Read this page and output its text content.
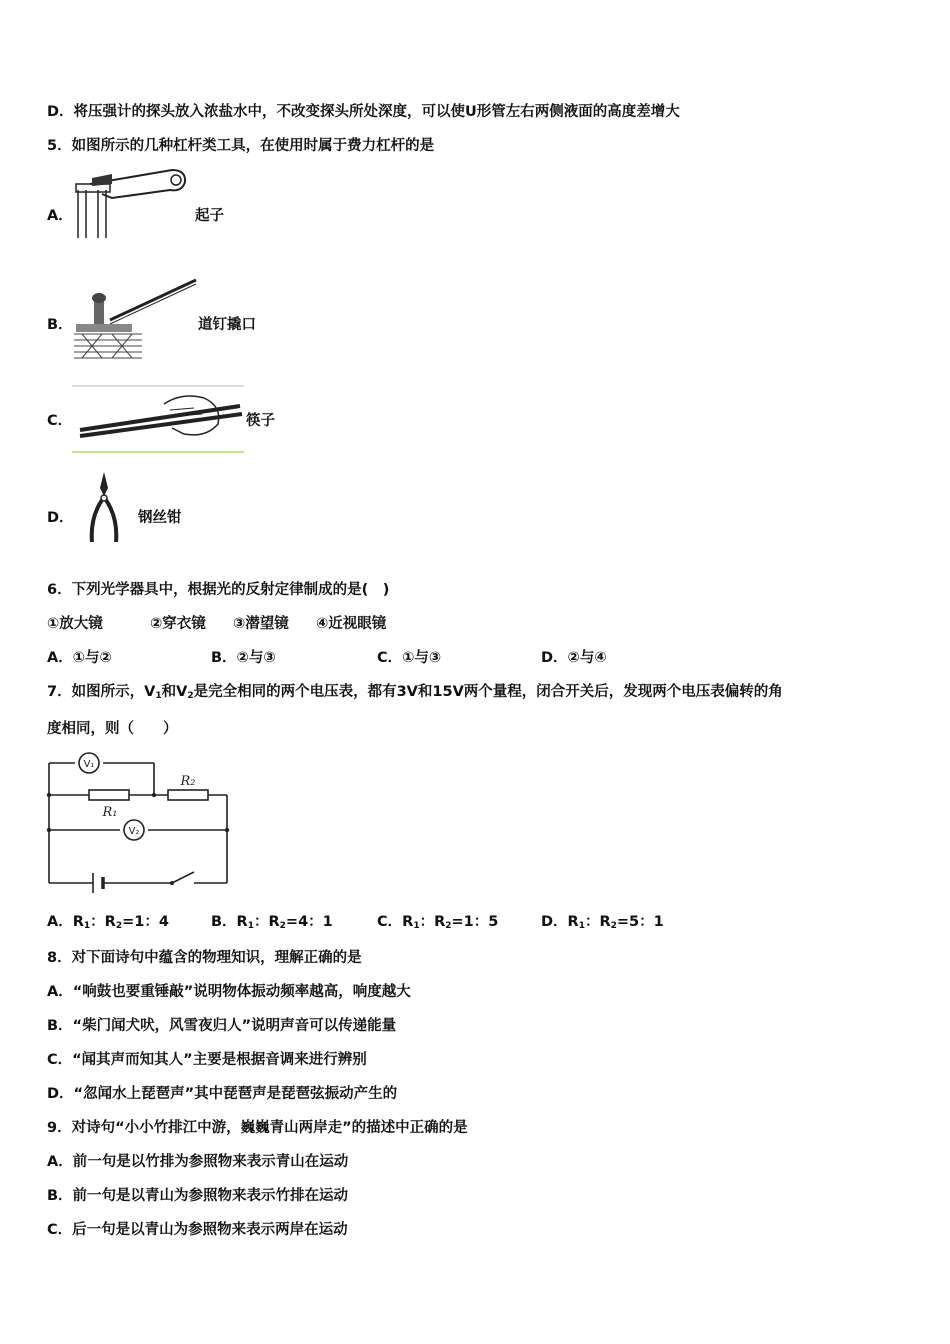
D．将压强计的探头放入浓盐水中，不改变探头所处深度，可以使U形管左右两侧液面的高度差增大
5．如图所示的几种杠杆类工具，在使用时属于费力杠杆的是
A．	起子
B．	道钉撬口
C．	筷子
D．	钢丝钳
6．下列光学器具中，根据光的反射定律制成的是(　)
①放大镜	②穿衣镜 ③潜望镜 ④近视眼镜
A．①与②	B．②与③	C．①与③	D．②与④
7．如图所示，$V_1$和$V_2$是完全相同的两个电压表，都有3V和15V两个量程，闭合开关后，发现两个电压表偏转的角
度相同，则（　　）
V₁
V₂
R₁
R₂
A．$R_1$：$R_2=1$：4	B．$R_1$：$R_2=4$：1	C．$R_1$：$R_2=1$：5	D．$R_1$：$R_2=5$：1
8．对下面诗句中蕴含的物理知识，理解正确的是
A．“响鼓也要重锤敲”说明物体振动频率越高，响度越大
B．“柴门闻犬吠，风雪夜归人”说明声音可以传递能量
C．“闻其声而知其人”主要是根据音调来进行辨别
D．“忽闻水上琵琶声”其中琵琶声是琵琶弦振动产生的
9．对诗句“小小竹排江中游，巍巍青山两岸走”的描述中正确的是
A．前一句是以竹排为参照物来表示青山在运动
B．前一句是以青山为参照物来表示竹排在运动
C．后一句是以青山为参照物来表示两岸在运动
